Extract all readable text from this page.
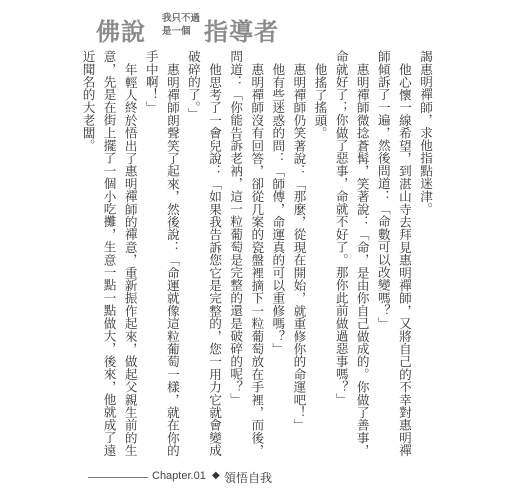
佛說 我只不過
是一個 指導者

謁惠明禪師，求他指點迷津。

他心懷一線希望，到湛山寺去拜見惠明禪師，又將自己的不幸對惠明禪師傾訴了一遍，然後問道：「命數可以改變嗎？」

惠明禪師微捻蒼髯，笑著說：「命，是由你自己做成的。你做了善事，命就好了；你做了惡事，命就不好了。那你此前做過惡事嗎？」

他搖了搖頭。

惠明禪師仍笑著說：「那麼，從現在開始，就重修你的命運吧！」

他有些迷惑的問：「師傅，命運真的可以重修嗎？」

惠明禪師沒有回答，卻從几案的瓷盤裡摘下一粒葡萄放在手裡，而後，問道：「你能告訴老衲，這一粒葡萄是完整的還是破碎的呢？」

他思考了一會兒說：「如果我告訴您它是完整的，您一用力它就會變成破碎的了。」

惠明禪師朗聲笑了起來，然後說：「命運就像這粒葡萄一樣，就在你的手中啊！」

年輕人終於悟出了惠明禪師的禪意，重新振作起來，做起父親生前的生意，先是在街上擺了一個小吃攤，生意一點一點做大，後來，他就成了遠近聞名的大老闆。

Chapter.01 ◆ 領悟自我
